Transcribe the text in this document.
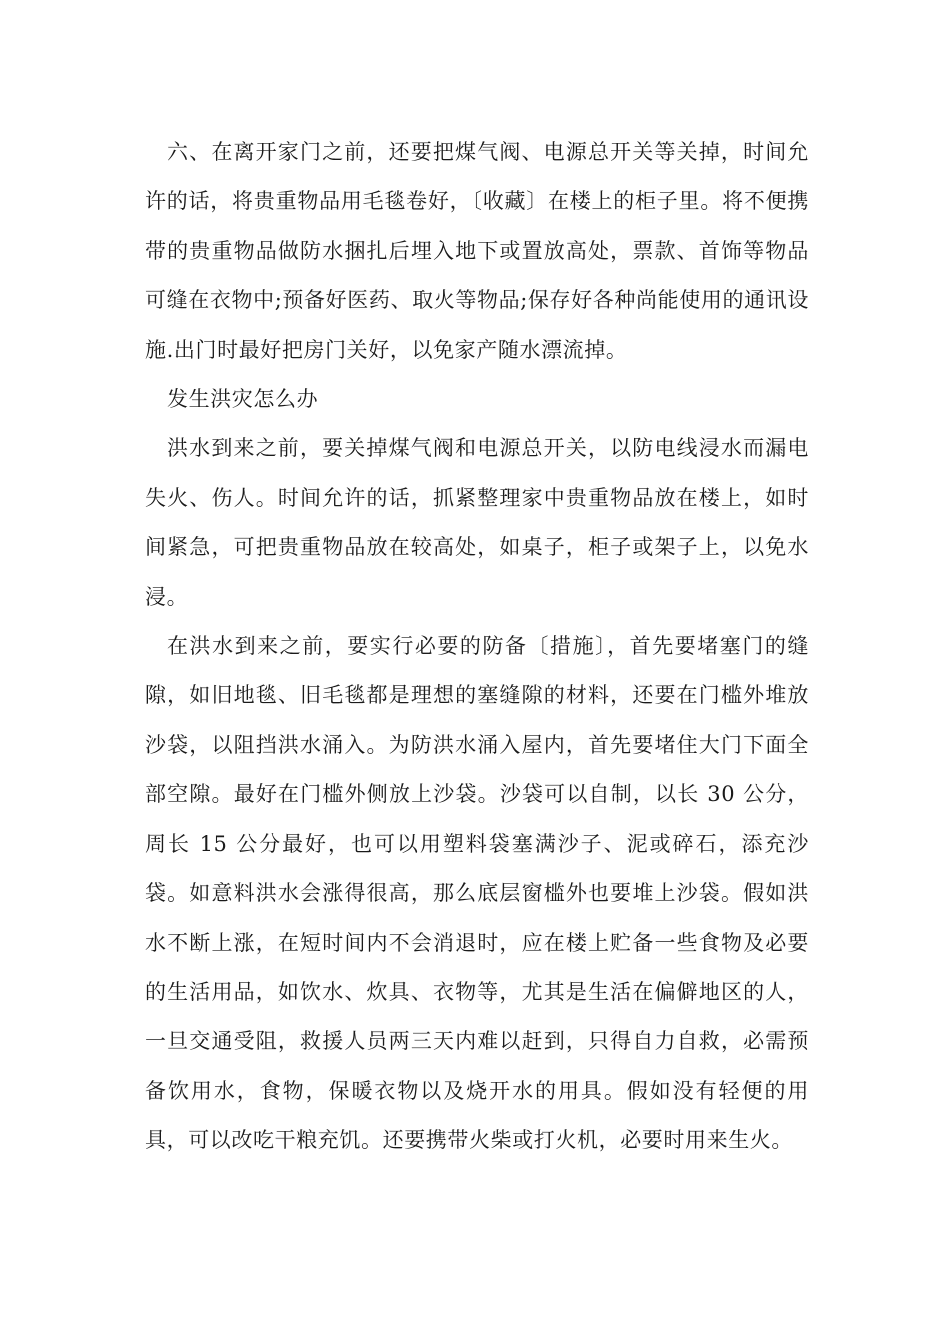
六、在离开家门之前，还要把煤气阀、电源总开关等关掉，时间允许的话，将贵重物品用毛毯卷好，〔收藏〕在楼上的柜子里。将不便携带的贵重物品做防水捆扎后埋入地下或置放高处，票款、首饰等物品可缝在衣物中;预备好医药、取火等物品;保存好各种尚能使用的通讯设施.出门时最好把房门关好，以免家产随水漂流掉。

发生洪灾怎么办

洪水到来之前，要关掉煤气阀和电源总开关，以防电线浸水而漏电失火、伤人。时间允许的话，抓紧整理家中贵重物品放在楼上，如时间紧急，可把贵重物品放在较高处，如桌子，柜子或架子上，以免水浸。

在洪水到来之前，要实行必要的防备〔措施〕，首先要堵塞门的缝隙，如旧地毯、旧毛毯都是理想的塞缝隙的材料，还要在门槛外堆放沙袋，以阻挡洪水涌入。为防洪水涌入屋内，首先要堵住大门下面全部空隙。最好在门槛外侧放上沙袋。沙袋可以自制，以长 30 公分，周长 15 公分最好，也可以用塑料袋塞满沙子、泥或碎石，添充沙袋。如意料洪水会涨得很高，那么底层窗槛外也要堆上沙袋。假如洪水不断上涨，在短时间内不会消退时，应在楼上贮备一些食物及必要的生活用品，如饮水、炊具、衣物等，尤其是生活在偏僻地区的人，一旦交通受阻，救援人员两三天内难以赶到，只得自力自救，必需预备饮用水，食物，保暖衣物以及烧开水的用具。假如没有轻便的用具，可以改吃干粮充饥。还要携带火柴或打火机，必要时用来生火。
